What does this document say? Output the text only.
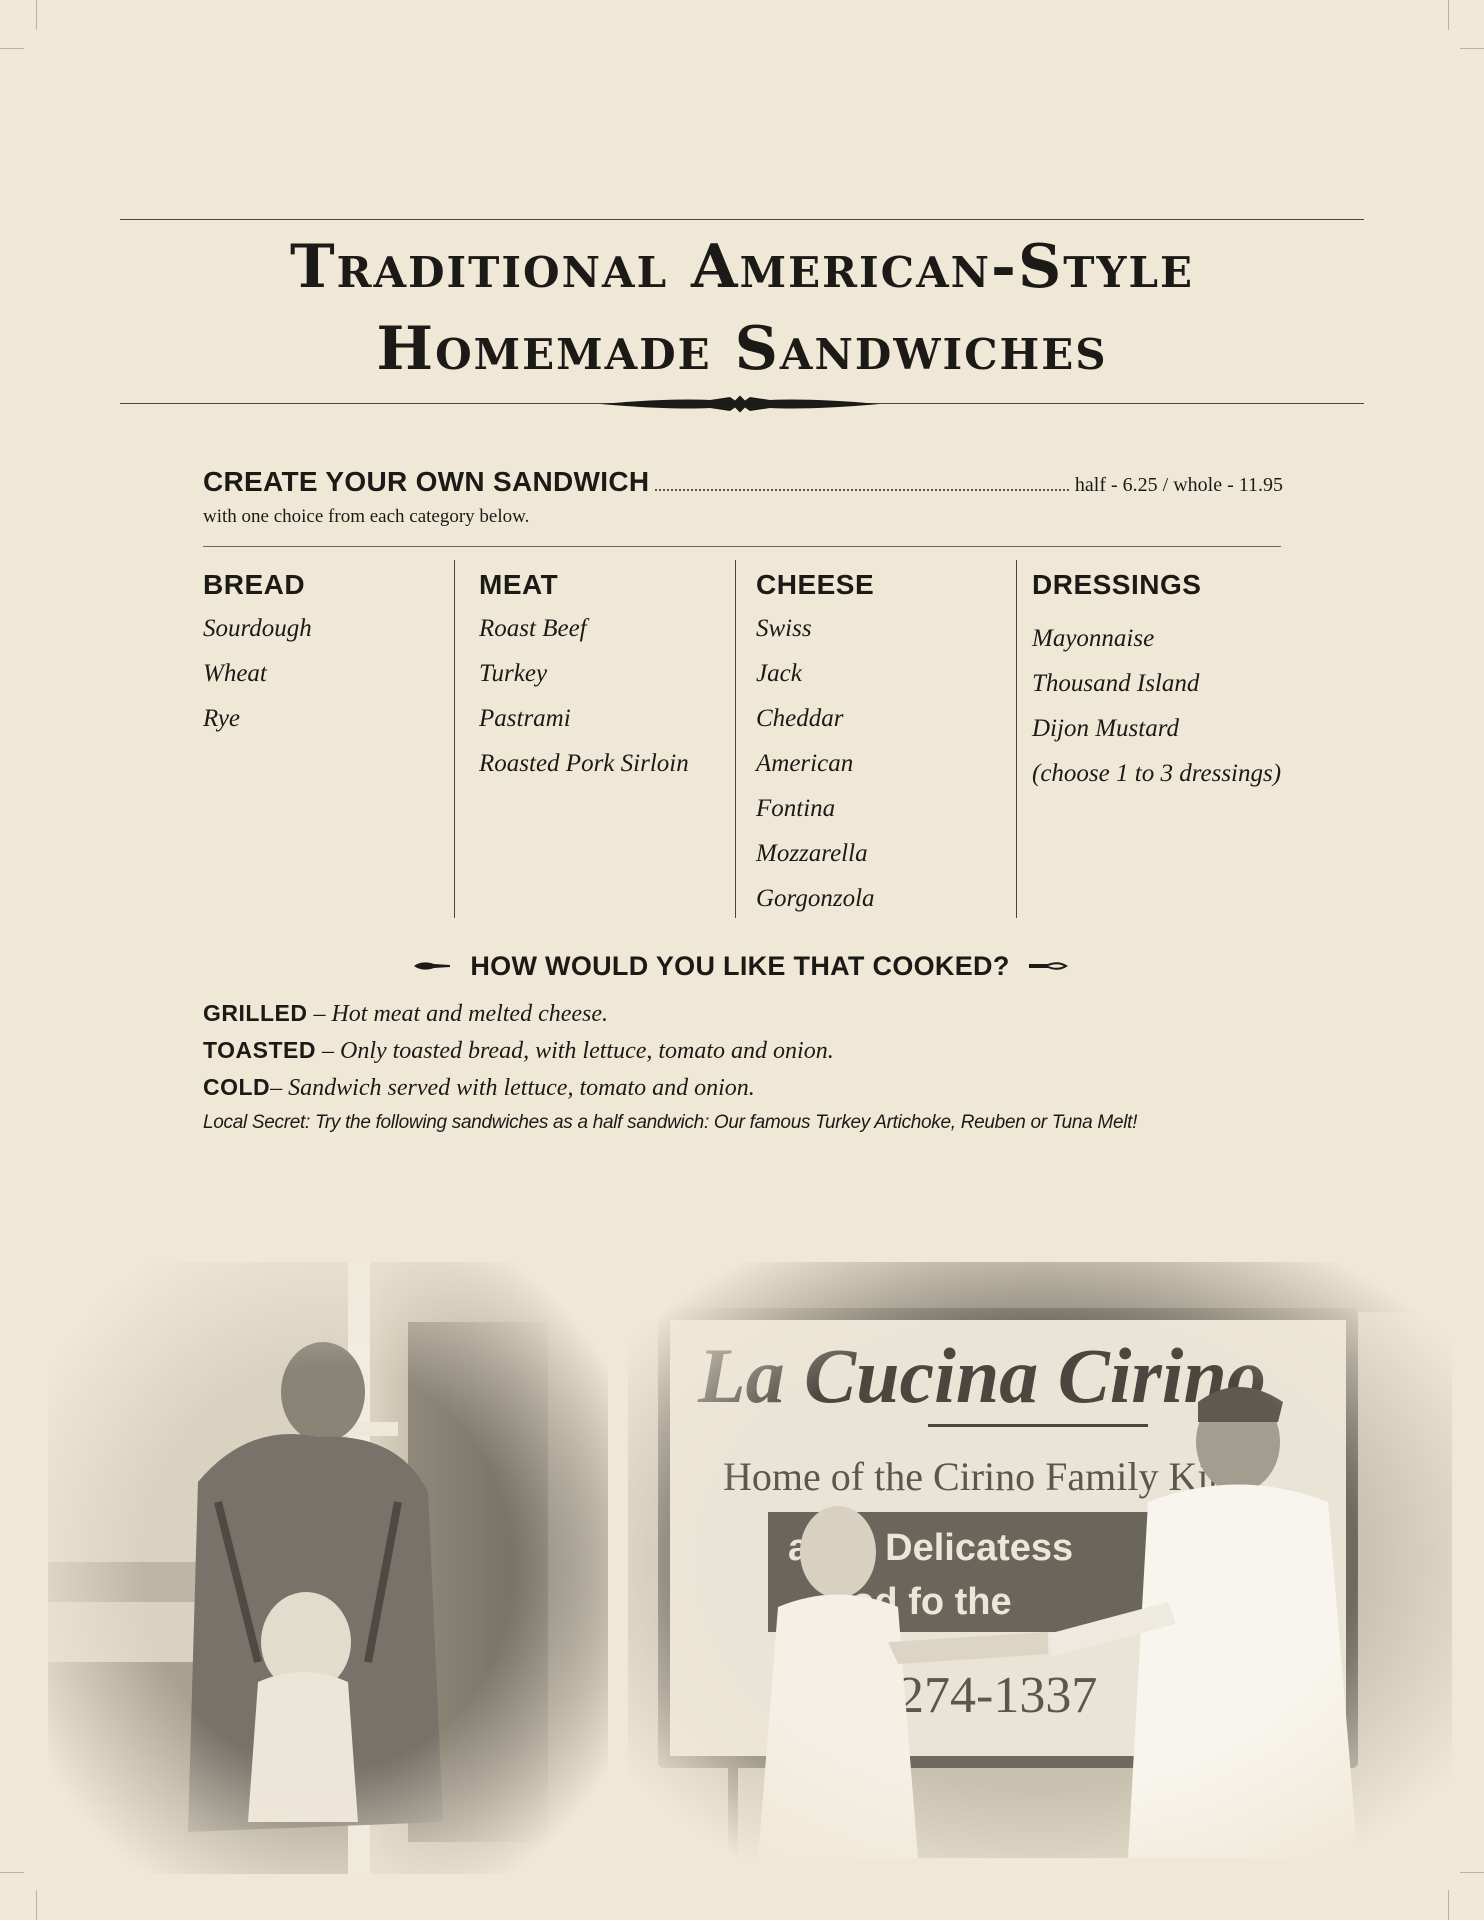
Traditional American-Style
Homemade Sandwiches
CREATE YOUR OWN SANDWICH	half - 6.25 / whole - 11.95
with one choice from each category below.
BREAD
Sourdough
Wheat
Rye
MEAT
Roast Beef
Turkey
Pastrami
Roasted Pork Sirloin
CHEESE
Swiss
Jack
Cheddar
American
Fontina
Mozzarella
Gorgonzola
DRESSINGS
Mayonnaise
Thousand Island
Dijon Mustard
(choose 1 to 3 dressings)
HOW WOULD YOU LIKE THAT COOKED?
GRILLED – Hot meat and melted cheese.
TOASTED – Only toasted bread, with lettuce, tomato and onion.
COLD– Sandwich served with lettuce, tomato and onion.
Local Secret: Try the following sandwiches as a half sandwich: Our famous Turkey Artichoke, Reuben or Tuna Melt!
